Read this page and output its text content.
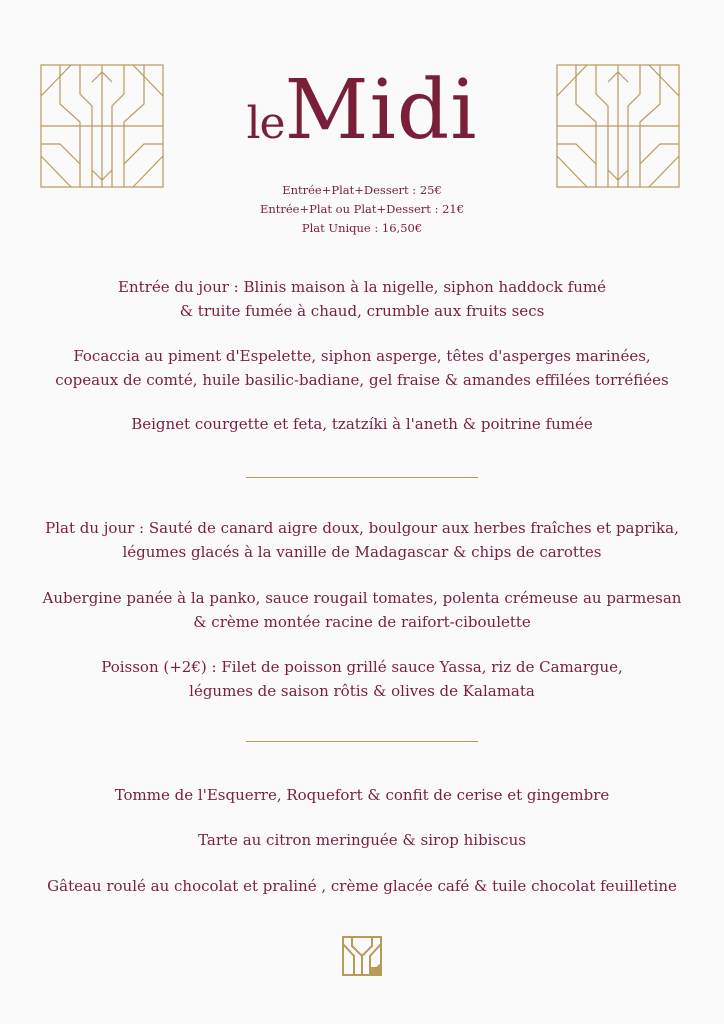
leMidi
Entrée+Plat+Dessert : 25€
Entrée+Plat ou Plat+Dessert : 21€
Plat Unique : 16,50€
Entrée du jour : Blinis maison à la nigelle, siphon haddock fumé
& truite fumée à chaud, crumble aux fruits secs
Focaccia au piment d'Espelette, siphon asperge, têtes d'asperges marinées,
copeaux de comté, huile basilic-badiane, gel fraise & amandes effilées torréfiées
Beignet courgette et feta, tzatzíki à l'aneth & poitrine fumée
Plat du jour : Sauté de canard aigre doux, boulgour aux herbes fraîches et paprika,
légumes glacés à la vanille de Madagascar & chips de carottes
Aubergine panée à la panko, sauce rougail tomates, polenta crémeuse au parmesan
& crème montée racine de raifort-ciboulette
Poisson (+2€) : Filet de poisson grillé sauce Yassa, riz de Camargue,
légumes de saison rôtis & olives de Kalamata
Tomme de l'Esquerre, Roquefort & confit de cerise et gingembre
Tarte au citron meringuée & sirop hibiscus
Gâteau roulé au chocolat et praliné , crème glacée café & tuile chocolat feuilletine
